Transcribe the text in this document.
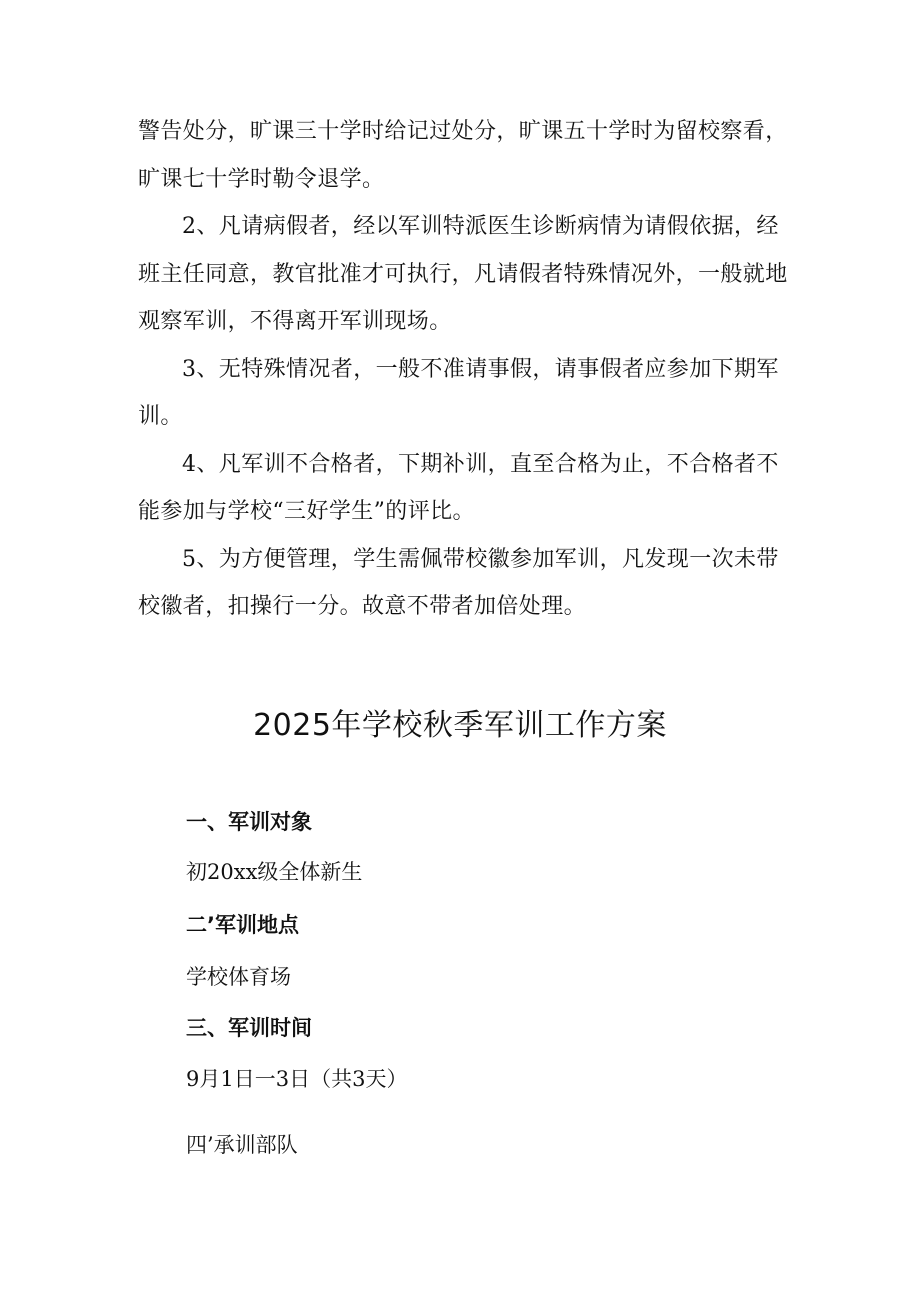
警告处分，旷课三十学时给记过处分，旷课五十学时为留校察看，旷课七十学时勒令退学。

2、凡请病假者，经以军训特派医生诊断病情为请假依据，经班主任同意，教官批准才可执行，凡请假者特殊情况外，一般就地观察军训，不得离开军训现场。

3、无特殊情况者，一般不准请事假，请事假者应参加下期军训。

4、凡军训不合格者，下期补训，直至合格为止，不合格者不能参加与学校“三好学生”的评比。

5、为方便管理，学生需佩带校徽参加军训，凡发现一次未带校徽者，扣操行一分。故意不带者加倍处理。

2025年学校秋季军训工作方案

一、军训对象

初20xx级全体新生

二’军训地点

学校体育场

三、军训时间

9月1日一3日（共3天）

四’承训部队
